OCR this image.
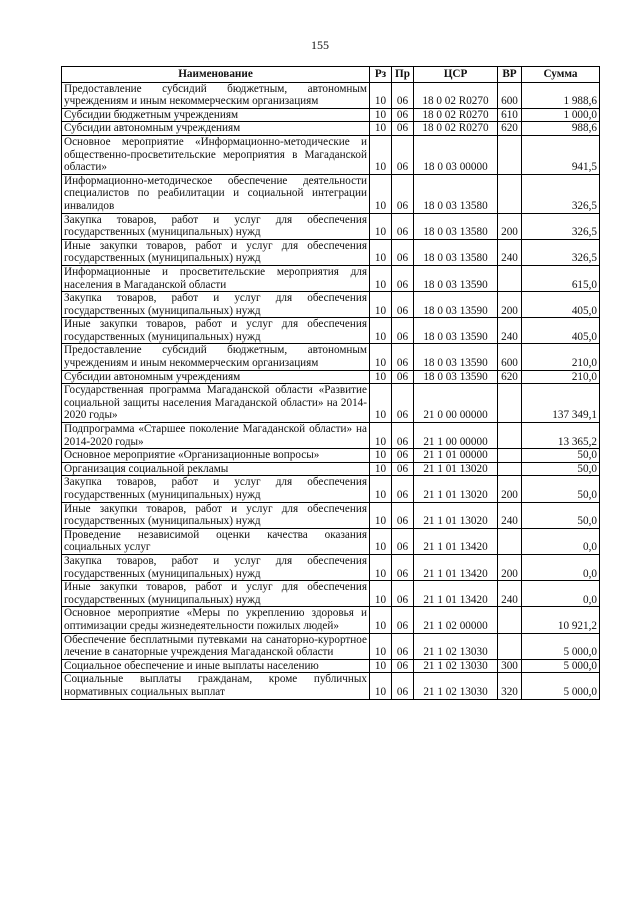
155
Наименование	Рз	Пр	ЦСР	ВР	Сумма
Предоставление субсидий бюджетным, автономным учреждениям и иным некоммерческим организациям	10	06	18 0 02 R0270	600	1 988,6
Субсидии бюджетным учреждениям	10	06	18 0 02 R0270	610	1 000,0
Субсидии автономным учреждениям	10	06	18 0 02 R0270	620	988,6
Основное мероприятие «Информационно-методические и общественно-просветительские мероприятия в Магаданской области»	10	06	18 0 03 00000		941,5
Информационно-методическое обеспечение деятельности специалистов по реабилитации и социальной интеграции инвалидов	10	06	18 0 03 13580		326,5
Закупка товаров, работ и услуг для обеспечения государственных (муниципальных) нужд	10	06	18 0 03 13580	200	326,5
Иные закупки товаров, работ и услуг для обеспечения государственных (муниципальных) нужд	10	06	18 0 03 13580	240	326,5
Информационные и просветительские мероприятия для населения в Магаданской области	10	06	18 0 03 13590		615,0
Закупка товаров, работ и услуг для обеспечения государственных (муниципальных) нужд	10	06	18 0 03 13590	200	405,0
Иные закупки товаров, работ и услуг для обеспечения государственных (муниципальных) нужд	10	06	18 0 03 13590	240	405,0
Предоставление субсидий бюджетным, автономным учреждениям и иным некоммерческим организациям	10	06	18 0 03 13590	600	210,0
Субсидии автономным учреждениям	10	06	18 0 03 13590	620	210,0
Государственная программа Магаданской области «Развитие социальной защиты населения Магаданской области» на 2014-2020 годы»	10	06	21 0 00 00000		137 349,1
Подпрограмма «Старшее поколение Магаданской области» на 2014-2020 годы»	10	06	21 1 00 00000		13 365,2
Основное мероприятие «Организационные вопросы»	10	06	21 1 01 00000		50,0
Организация социальной рекламы	10	06	21 1 01 13020		50,0
Закупка товаров, работ и услуг для обеспечения государственных (муниципальных) нужд	10	06	21 1 01 13020	200	50,0
Иные закупки товаров, работ и услуг для обеспечения государственных (муниципальных) нужд	10	06	21 1 01 13020	240	50,0
Проведение независимой оценки качества оказания социальных услуг	10	06	21 1 01 13420		0,0
Закупка товаров, работ и услуг для обеспечения государственных (муниципальных) нужд	10	06	21 1 01 13420	200	0,0
Иные закупки товаров, работ и услуг для обеспечения государственных (муниципальных) нужд	10	06	21 1 01 13420	240	0,0
Основное мероприятие «Меры по укреплению здоровья и оптимизации среды жизнедеятельности пожилых людей»	10	06	21 1 02 00000		10 921,2
Обеспечение бесплатными путевками на санаторно-курортное лечение в санаторные учреждения Магаданской области	10	06	21 1 02 13030		5 000,0
Социальное обеспечение и иные выплаты населению	10	06	21 1 02 13030	300	5 000,0
Социальные выплаты гражданам, кроме публичных нормативных социальных выплат	10	06	21 1 02 13030	320	5 000,0
